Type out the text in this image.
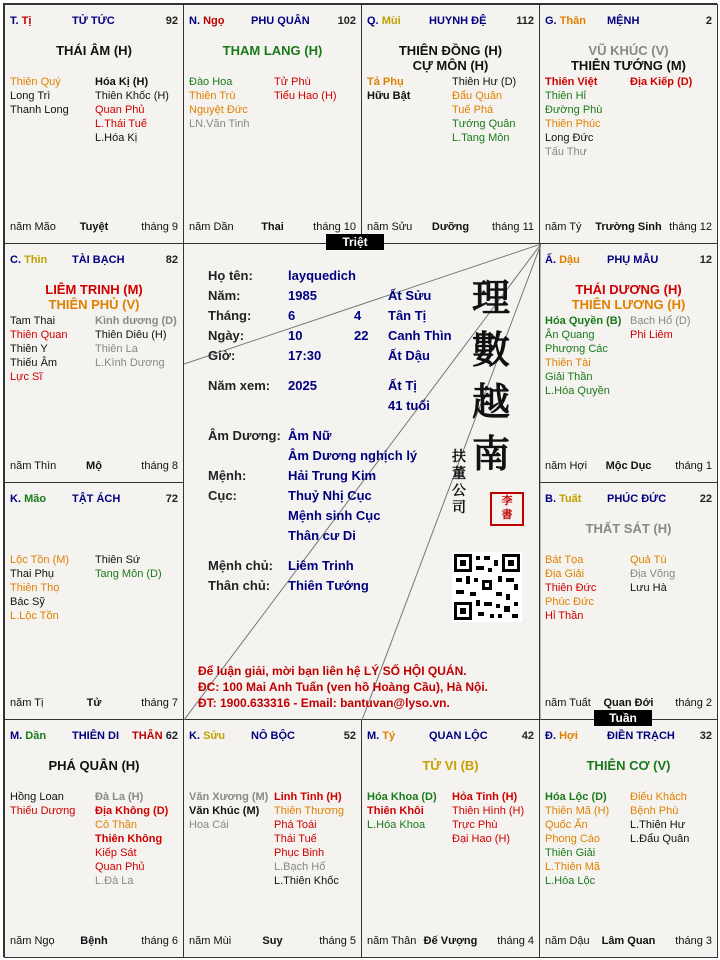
T. Tị	TỬ TỨC	92
THÁI ÂM (H)
Thiên Quý
Long Trì
Thanh Long
Hóa Kị (H)
Thiên Khốc (H)
Quan Phủ
L.Thái Tuế
L.Hóa Kị
năm Mão	Tuyệt	tháng 9
N. Ngọ PHU QUÂN	102
THAM LANG (H)
Đào Hoa
Thiên Trù
Nguyệt Đức
LN.Văn Tinh
Tử Phù
Tiểu Hao (H)
năm Dần	Thai	tháng 10
Q. Mùi	HUYNH ĐỆ	112
THIÊN ĐỒNG (H)
CỰ MÔN (H)
Tả Phụ
Hữu Bật
Thiên Hư (D)
Đẩu Quân
Tuế Phá
Tướng Quân
L.Tang Môn
năm Sửu	Dưỡng	tháng 11
G. Thân MỆNH	2
VŨ KHÚC (V)
THIÊN TƯỚNG (M)
Thiên Việt
Thiên Hỉ
Đường Phù
Thiên Phúc
Long Đức
Tấu Thư
Địa Kiếp (D)
năm Tý	Trường Sinh tháng 12
C. Thìn TÀI BẠCH	82
LIÊM TRINH (M)
THIÊN PHỦ (V)
Tam Thai
Thiên Quan
Thiên Y
Thiếu Âm
Lực Sĩ
Kình dương (D)
Thiên Diêu (H)
Thiên La
L.Kình Dương
năm Thìn	Mộ	tháng 8
Ấ. Dậu PHỤ MẪU	12
THÁI DƯƠNG (H)
THIÊN LƯƠNG (H)
Hóa Quyền (B)
Ân Quang
Phượng Các
Thiên Tài
Giải Thần
L.Hóa Quyền
Bạch Hổ (D)
Phi Liêm
năm Hợi	Mộc Dục	tháng 1
K. Mão TẬT ÁCH	72
Lộc Tồn (M)
Thai Phụ
Thiên Thọ
Bác Sỹ
L.Lộc Tồn
Thiên Sứ
Tang Môn (D)
năm Tị	Tử	tháng 7
B. Tuất PHÚC ĐỨC	22
THẤT SÁT (H)
Bát Tọa
Địa Giải
Thiên Đức
Phúc Đức
Hỉ Thần
Quả Tú
Địa Võng
Lưu Hà
năm Tuất	Quan Đới	tháng 2
M. Dần THIÊN DI THÂN 62
PHÁ QUÂN (H)
Hồng Loan
Thiếu Dương
Đà La (H)
Địa Không (D)
Cô Thần
Thiên Không
Kiếp Sát
Quan Phủ
L.Đà La
năm Ngọ	Bệnh	tháng 6
K. Sửu NÔ BỘC	52
Văn Xương (M)
Văn Khúc (M)
Hoa Cái
Linh Tinh (H)
Thiên Thương
Phá Toái
Thái Tuế
Phục Binh
L.Bạch Hổ
L.Thiên Khốc
năm Mùi	Suy	tháng 5
M. Tý	QUAN LỘC	42
TỬ VI (B)
Hóa Khoa (D)
Thiên Khôi
L.Hóa Khoa
Hỏa Tinh (H)
Thiên Hình (H)
Trực Phù
Đại Hao (H)
năm Thân Đế Vượng	tháng 4
Đ. Hợi	ĐIỀN TRẠCH 32
THIÊN CƠ (V)
Hóa Lộc (D)
Thiên Mã (H)
Quốc Ấn
Phong Cáo
Thiên Giải
L.Thiên Mã
L.Hóa Lộc
Điếu Khách
Bệnh Phù
L.Thiên Hư
L.Đẩu Quân
năm Dậu	Lâm Quan	tháng 3
理
數
越
南
扶
董
公
司	李
書
Họ tên:	layquedich
Năm:	1985	Ất Sửu
Tháng:	6	4 Tân Tị
Ngày:	10	22 Canh Thìn
Giờ:	17:30	Ất Dậu
Năm xem: 2025	Ất Tị
41 tuổi
Âm Dương: Âm Nữ
Âm Dương nghịch lý
Mệnh:	Hải Trung Kim
Cục:	Thuỷ Nhị Cục
Mệnh sinh Cục
Thân cư Di
Mệnh chủ: Liêm Trinh
Thân chủ: Thiên Tướng
Để luận giải, mời bạn liên hệ LÝ SỐ HỘI QUÁN.
ĐC: 100 Mai Anh Tuấn (ven hồ Hoàng Cầu), Hà Nội.
ĐT: 1900.633316 - Email: bantuvan@lyso.vn.
Triệt
Tuần
